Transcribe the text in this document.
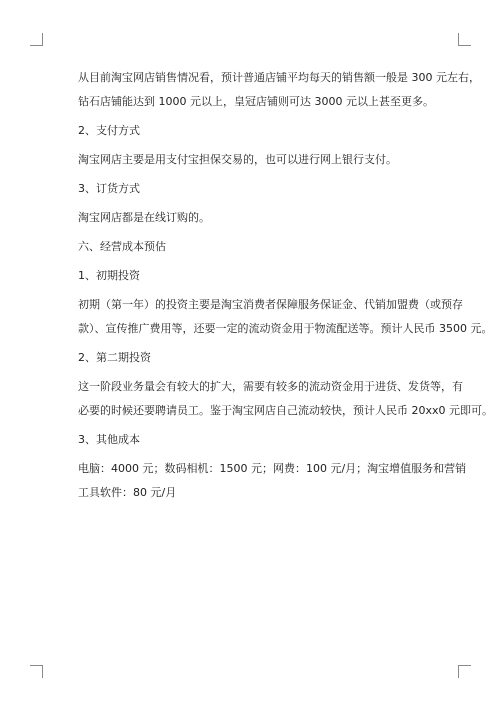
从目前淘宝网店销售情况看，预计普通店铺平均每天的销售额一般是 300 元左右，
钻石店铺能达到 1000 元以上，皇冠店铺则可达 3000 元以上甚至更多。

2、支付方式

淘宝网店主要是用支付宝担保交易的，也可以进行网上银行支付。

3、订货方式

淘宝网店都是在线订购的。

六、经营成本预估

1、初期投资

初期（第一年）的投资主要是淘宝消费者保障服务保证金、代销加盟费（或预存
款）、宣传推广费用等，还要一定的流动资金用于物流配送等。预计人民币 3500 元。

2、第二期投资

这一阶段业务量会有较大的扩大，需要有较多的流动资金用于进货、发货等，有
必要的时候还要聘请员工。鉴于淘宝网店自己流动较快，预计人民币 20xx0 元即可。

3、其他成本

电脑：4000 元；数码相机：1500 元；网费：100 元/月；淘宝增值服务和营销
工具软件：80 元/月
